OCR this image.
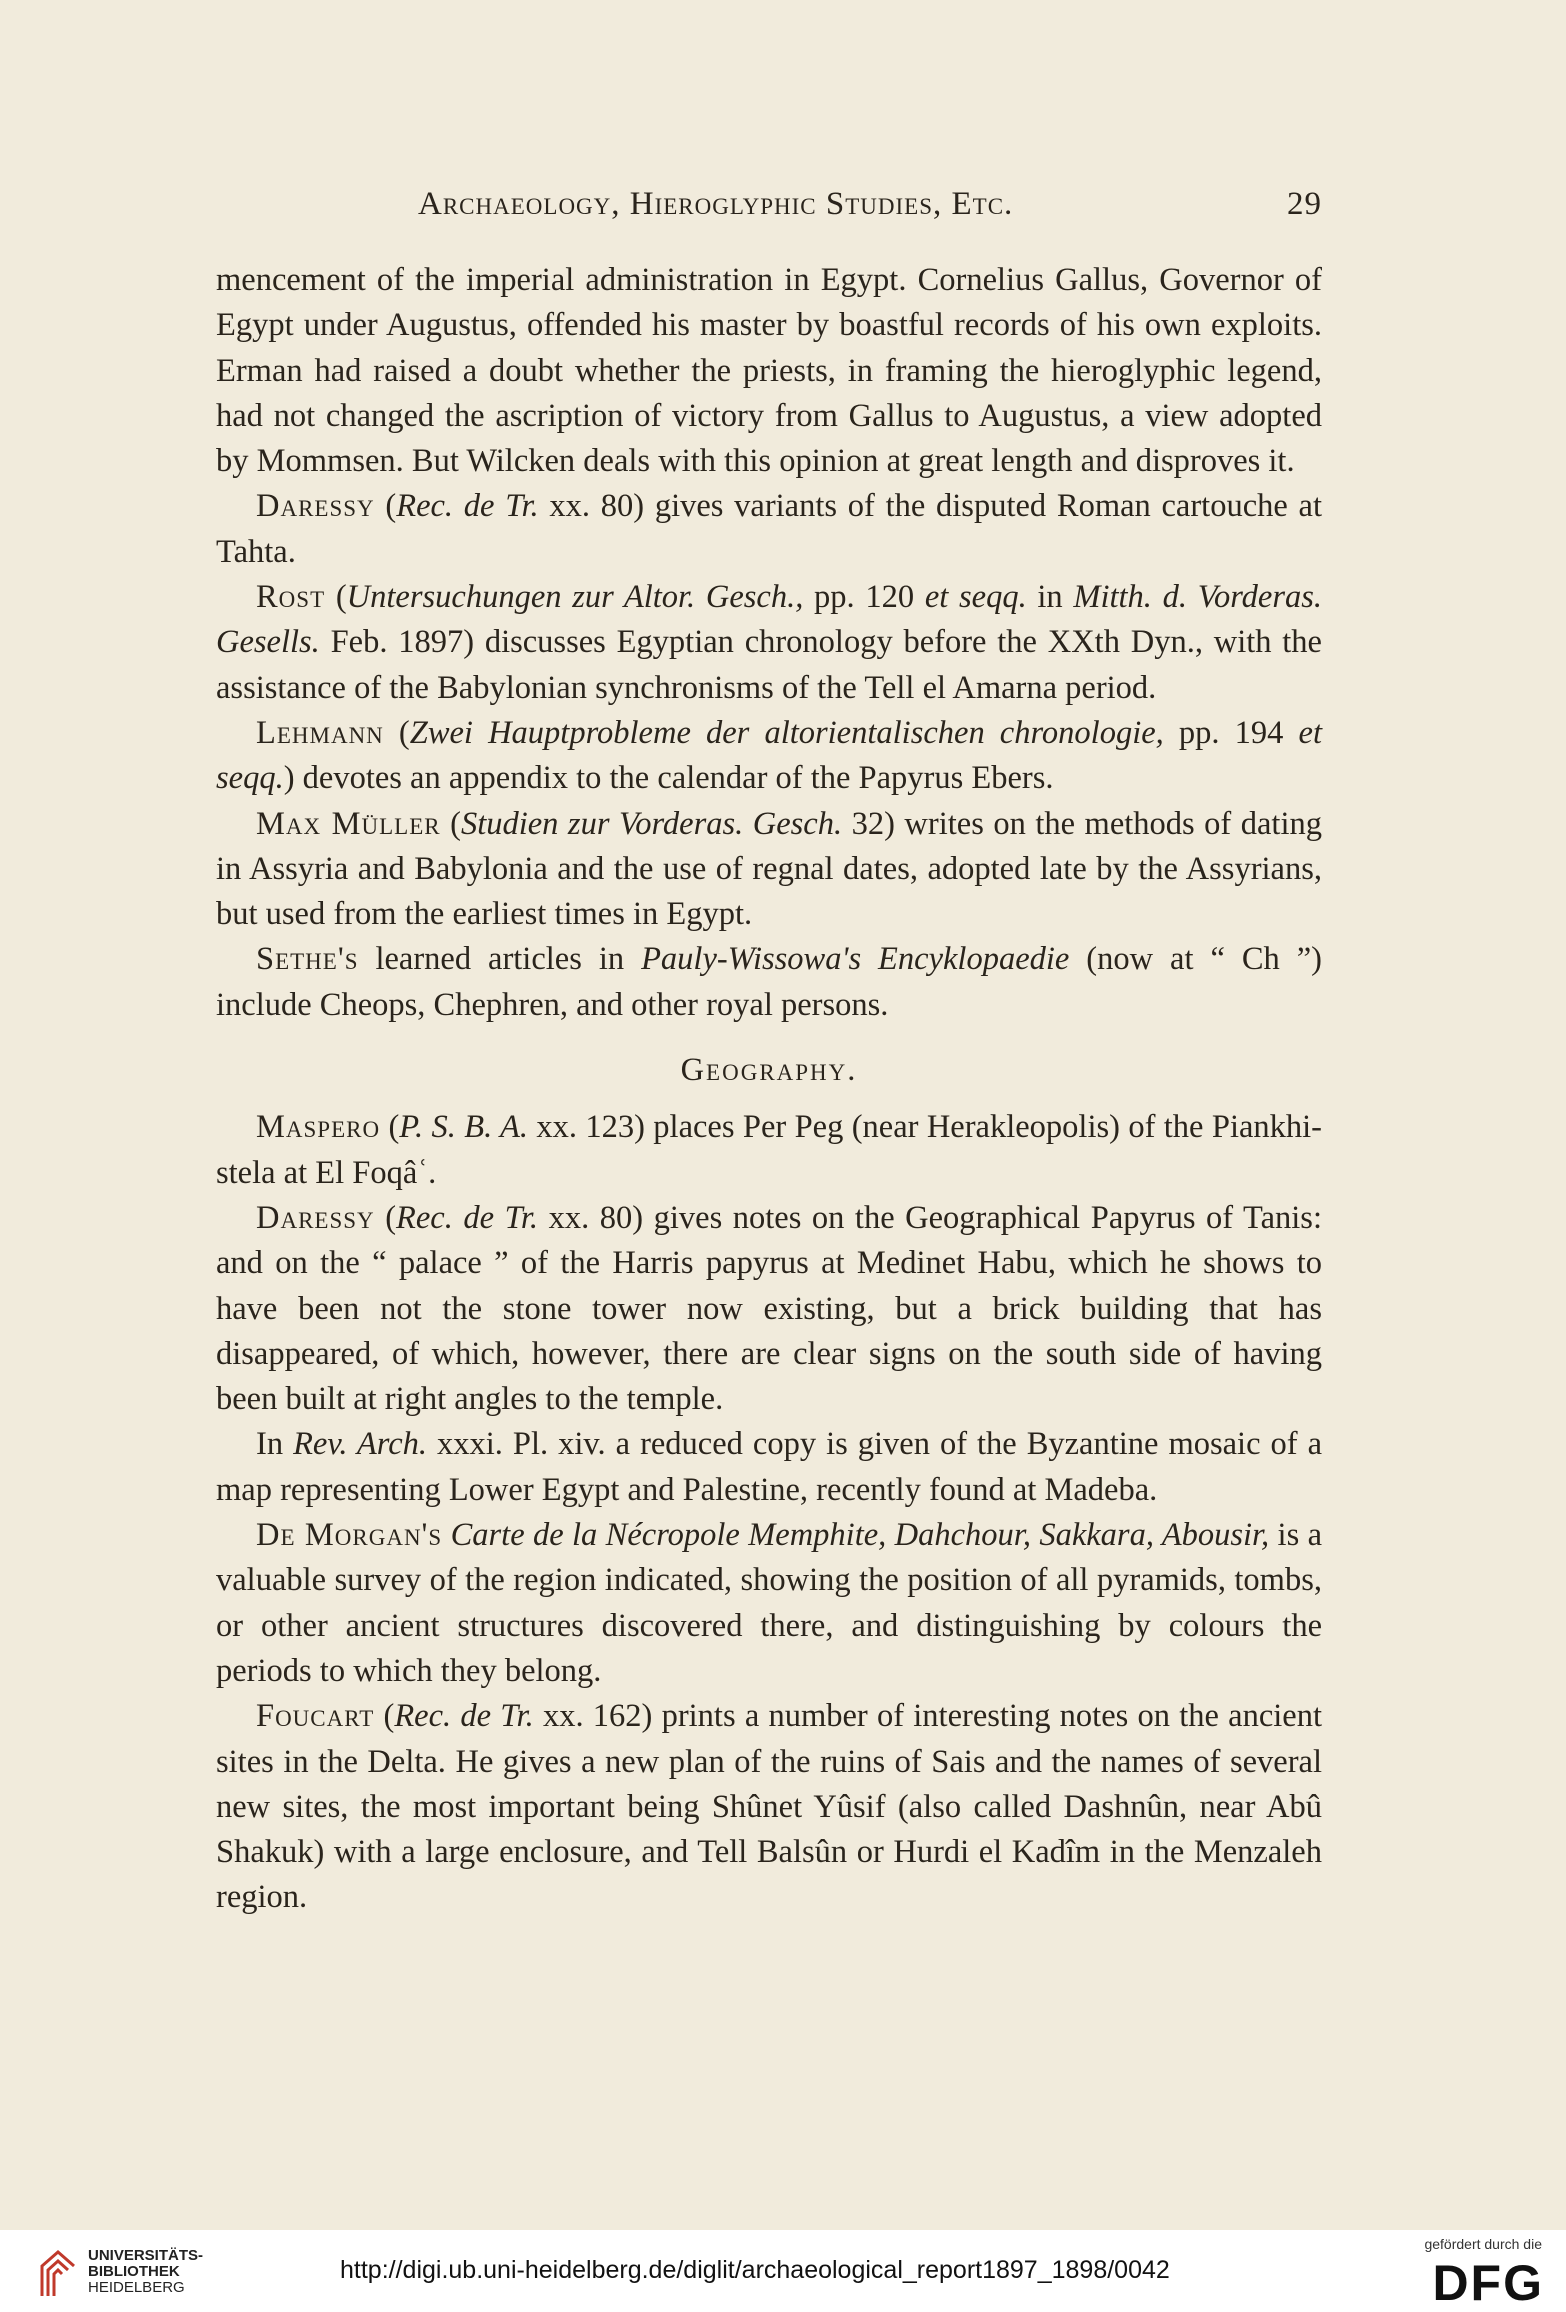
Archaeology, Hieroglyphic Studies, Etc.	29

mencement of the imperial administration in Egypt. Cornelius Gallus, Governor of Egypt under Augustus, offended his master by boastful records of his own exploits. Erman had raised a doubt whether the priests, in framing the hieroglyphic legend, had not changed the ascription of victory from Gallus to Augustus, a view adopted by Mommsen. But Wilcken deals with this opinion at great length and disproves it.

Daressy (Rec. de Tr. xx. 80) gives variants of the disputed Roman cartouche at Tahta.

Rost (Untersuchungen zur Altor. Gesch., pp. 120 et seqq. in Mitth. d. Vorderas. Gesells. Feb. 1897) discusses Egyptian chronology before the XXth Dyn., with the assistance of the Babylonian synchronisms of the Tell el Amarna period.

Lehmann (Zwei Hauptprobleme der altorientalischen chronologie, pp. 194 et seqq.) devotes an appendix to the calendar of the Papyrus Ebers.

Max Müller (Studien zur Vorderas. Gesch. 32) writes on the methods of dating in Assyria and Babylonia and the use of regnal dates, adopted late by the Assyrians, but used from the earliest times in Egypt.

Sethe's learned articles in Pauly-Wissowa's Encyklopaedie (now at “ Ch ”) include Cheops, Chephren, and other royal persons.

Geography.

Maspero (P. S. B. A. xx. 123) places Per Peg (near Herakleopolis) of the Piankhi-stela at El Foqâʿ.

Daressy (Rec. de Tr. xx. 80) gives notes on the Geographical Papyrus of Tanis: and on the “ palace ” of the Harris papyrus at Medinet Habu, which he shows to have been not the stone tower now existing, but a brick building that has disappeared, of which, however, there are clear signs on the south side of having been built at right angles to the temple.

In Rev. Arch. xxxi. Pl. xiv. a reduced copy is given of the Byzantine mosaic of a map representing Lower Egypt and Palestine, recently found at Madeba.

De Morgan's Carte de la Nécropole Memphite, Dahchour, Sakkara, Abousir, is a valuable survey of the region indicated, showing the position of all pyramids, tombs, or other ancient structures discovered there, and distinguishing by colours the periods to which they belong.

Foucart (Rec. de Tr. xx. 162) prints a number of interesting notes on the ancient sites in the Delta. He gives a new plan of the ruins of Sais and the names of several new sites, the most important being Shûnet Yûsif (also called Dashnûn, near Abû Shakuk) with a large enclosure, and Tell Balsûn or Hurdi el Kadîm in the Menzaleh region.

UNIVERSITÄTS-
BIBLIOTHEK
HEIDELBERG
http://digi.ub.uni-heidelberg.de/diglit/archaeological_report1897_1898/0042
gefördert durch die
DFG
